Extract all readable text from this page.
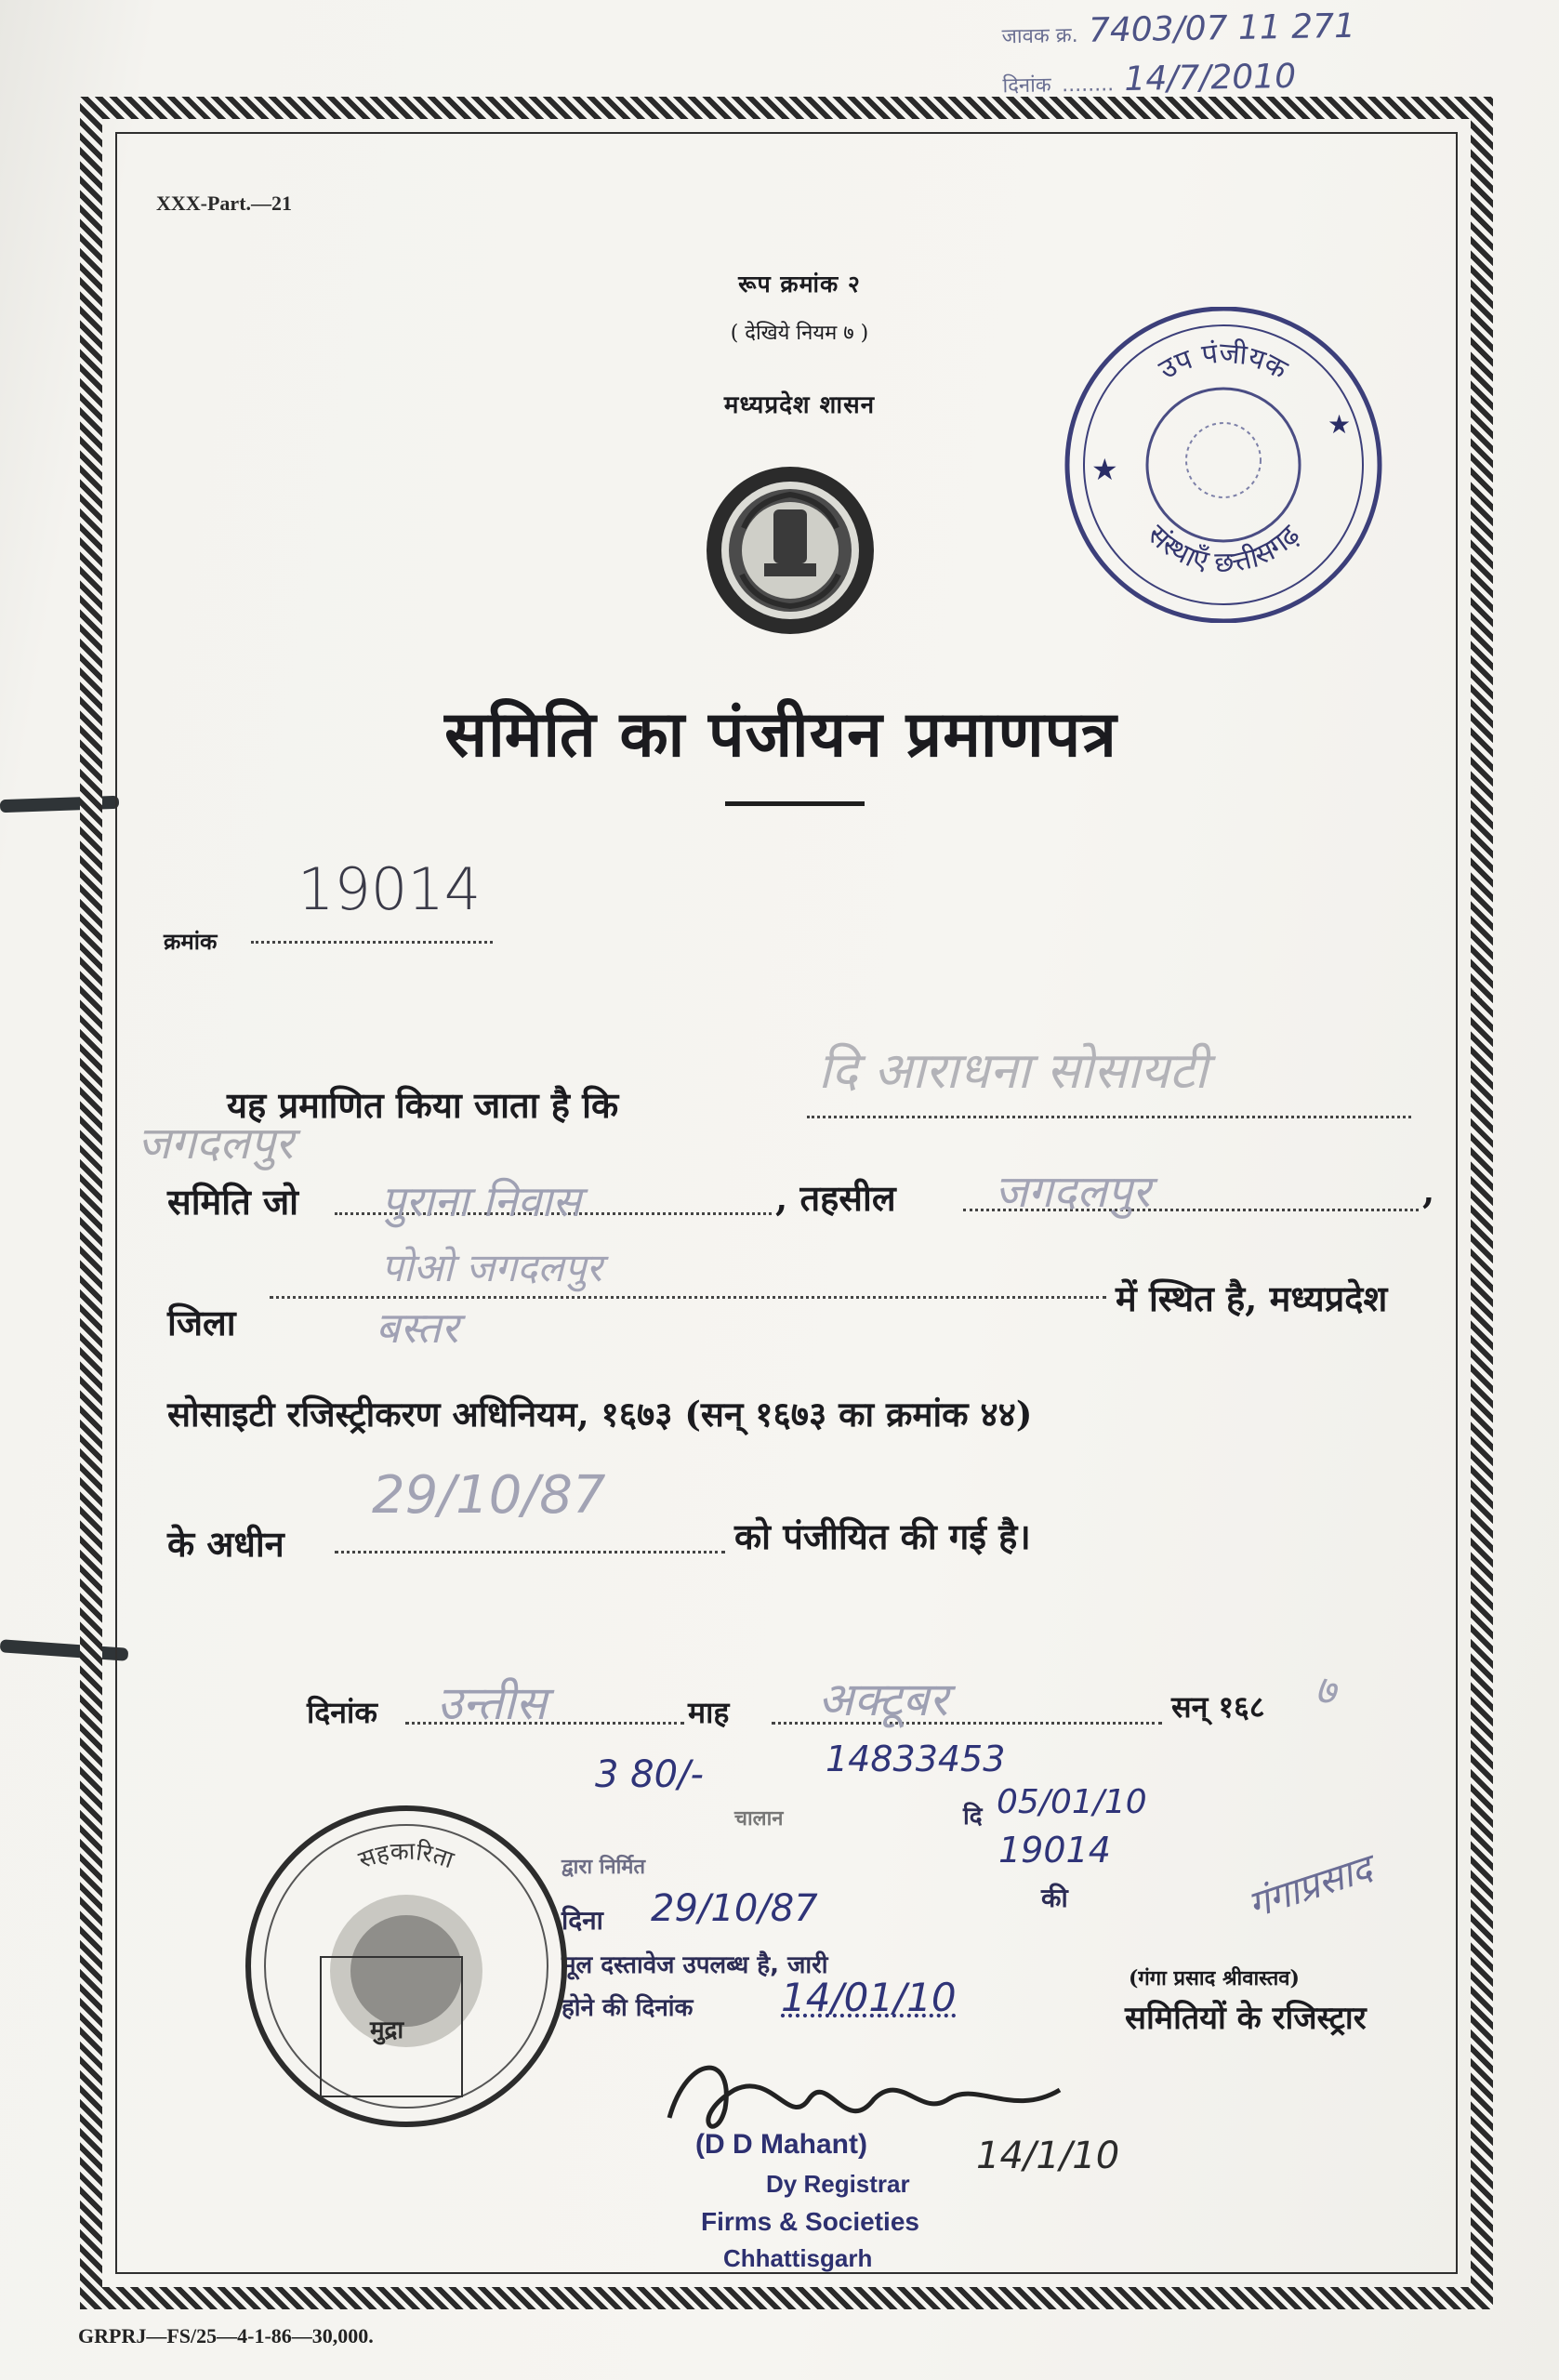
जावक क्र. 7403/07 11 271
दिनांक ........ 14/7/2010
XXX-Part.—21
रूप क्रमांक २
( देखिये नियम ७ )
मध्यप्रदेश शासन
उप पंजीयक
संस्थाएँ छत्तीसगढ़
★
★
समिति का पंजीयन प्रमाणपत्र
क्रमांक
19014
यह प्रमाणित किया जाता है कि
दि आराधना सोसायटी
जगदलपुर
समिति जो पुराना निवास	, तहसील जगदलपुर	,
पोओ जगदलपुर
जिला	बस्तर
में स्थित है, मध्यप्रदेश
सोसाइटी रजिस्ट्रीकरण अधिनियम, १६७३ (सन् १६७३ का क्रमांक ४४)
के अधीन
29/10/87
को पंजीयित की गई है।
दिनांक उन्तीस	माह अक्टूबर	सन् १६८ ७
3 80/-	14833453
चालान	दि 05/01/10
द्वारा निर्मित	19014
दिना 29/10/87	की
मूल दस्तावेज उपलब्ध है, जारी
होने की दिनांक 14/01/10
सहकारिता
मुद्रा
गंगाप्रसाद
(गंगा प्रसाद श्रीवास्तव)
समितियों के रजिस्ट्रार
(D D Mahant)
Dy Registrar
Firms & Societies
Chhattisgarh
14/1/10
GRPRJ—FS/25—4-1-86—30,000.
